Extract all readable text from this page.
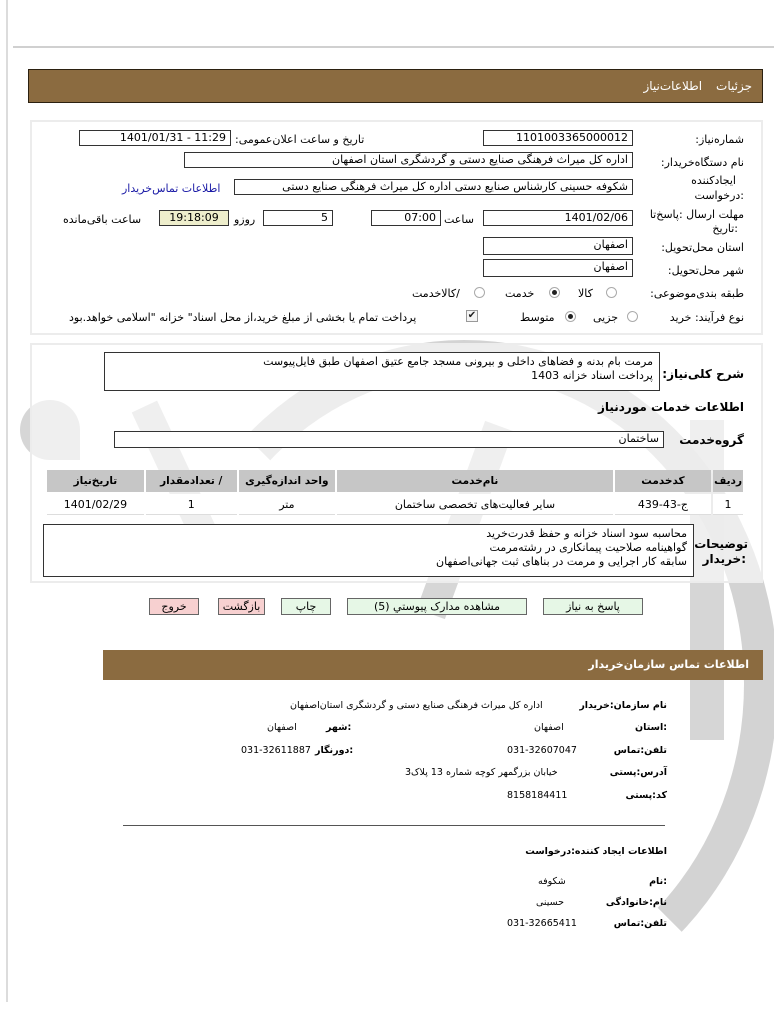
جزئیات
اطلاعات‌نیاز
شماره‌نیاز:
1101003365000012
تاریخ و ساعت اعلان‌عمومی:
1401/01/31 - 11:29
نام دستگاه‌خریدار:
اداره کل میراث فرهنگی صنایع دستی و گردشگری استان اصفهان
ایجادکننده
:درخواست
شکوفه حسینی کارشناس صنایع دستی اداره کل میراث فرهنگی صنایع دستی
اطلاعات تماس‌خریدار
مهلت ارسال :پاسخ‌تا
:تاریخ
1401/02/06
ساعت
07:00
5
روزو
19:18:09
ساعت باقی‌مانده
استان محل‌تحویل:
اصفهان
شهر محل‌تحویل:
اصفهان
طبقه بندی‌موضوعی:
کالا
خدمت
/کالاخدمت
نوع فرآیند: خرید
جزیی
متوسط
✔
پرداخت تمام یا بخشی از مبلغ خرید،از محل اسناد" خزانه "اسلامی خواهد.بود
شرح کلی‌نیاز:
مرمت بام بدنه و فضاهای داخلی و بیرونی مسجد جامع عتیق اصفهان طبق فایل‌پیوست
پرداخت اسناد خزانه 1403
اطلاعات خدمات موردنیاز
گروه‌خدمت
ساختمان
ردیف	کدخدمت	نام‌خدمت	واحد اندازه‌گیری	/ تعدادمقدار	تاریخ‌نیاز
1	ج-43-439	سایر فعالیت‌های تخصصی ساختمان	متر	1	1401/02/29
توضیحات
:خریدار
محاسبه سود اسناد خزانه و حفظ قدرت‌خرید
گواهینامه صلاحیت پیمانکاری در رشته‌مرمت
سابقه کار اجرایی و مرمت در بناهای ثبت جهانی‌اصفهان
پاسخ به نیاز
مشاهده مدارک پیوستي (5)
چاپ
بازگشت
خروج
اطلاعات تماس سازمان‌خریدار
نام سازمان:خریدار
اداره کل میراث فرهنگی صنایع دستی و گردشگری استان‌اصفهان
:استان
اصفهان
:شهر
اصفهان
تلفن:تماس
031-32607047
:دورنگار
031-32611887
آدرس:پستی
خیابان بزرگمهر کوچه شماره 13 پلاک3
کد:پستی
8158184411
اطلاعات ایجاد کننده:درخواست
:نام
شکوفه
نام:خانوادگی
حسینی
تلفن:تماس
031-32665411
